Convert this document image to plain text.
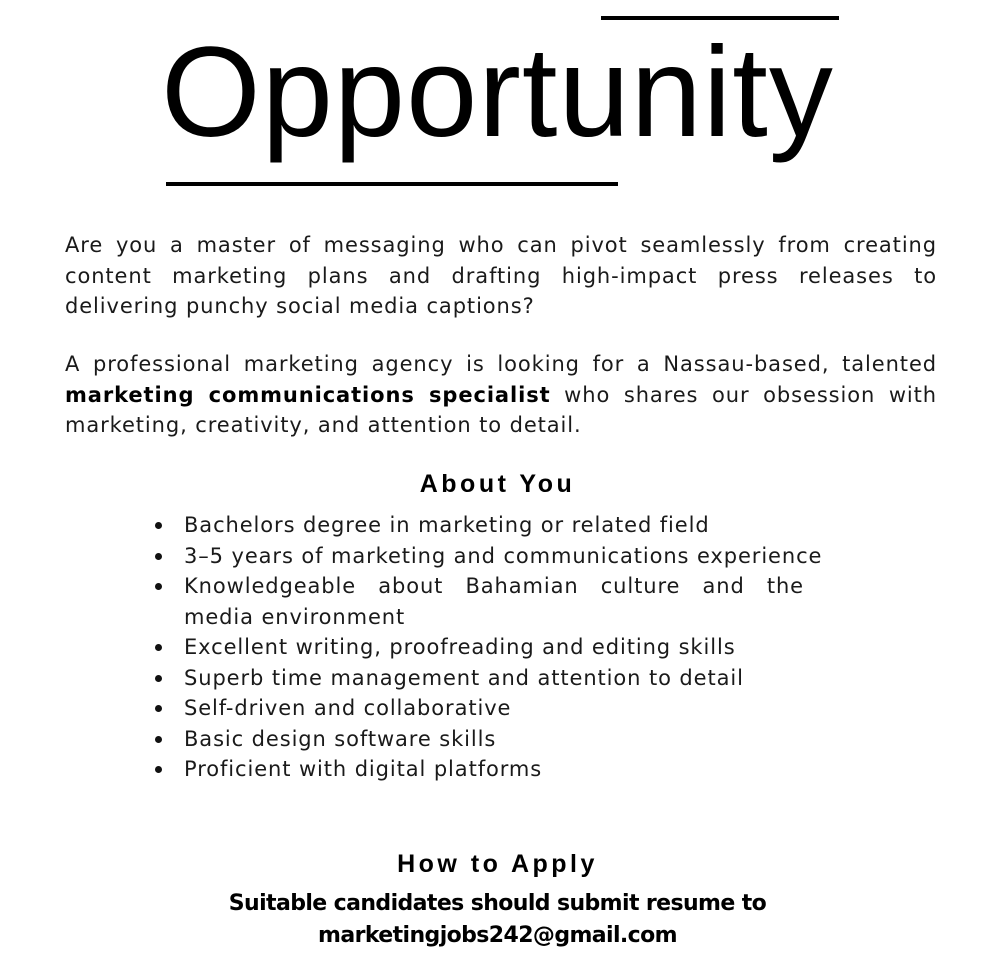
Opportunity

Are you a master of messaging who can pivot seamlessly from creating content marketing plans and drafting high-impact press releases to delivering punchy social media captions?

A professional marketing agency is looking for a Nassau-based, talented marketing communications specialist who shares our obsession with marketing, creativity, and attention to detail.

About You
Bachelors degree in marketing or related field
3–5 years of marketing and communications experience
Knowledgeable about Bahamian culture and the media environment
Excellent writing, proofreading and editing skills
Superb time management and attention to detail
Self-driven and collaborative
Basic design software skills
Proficient with digital platforms
How to Apply

Suitable candidates should submit resume to

marketingjobs242@gmail.com
